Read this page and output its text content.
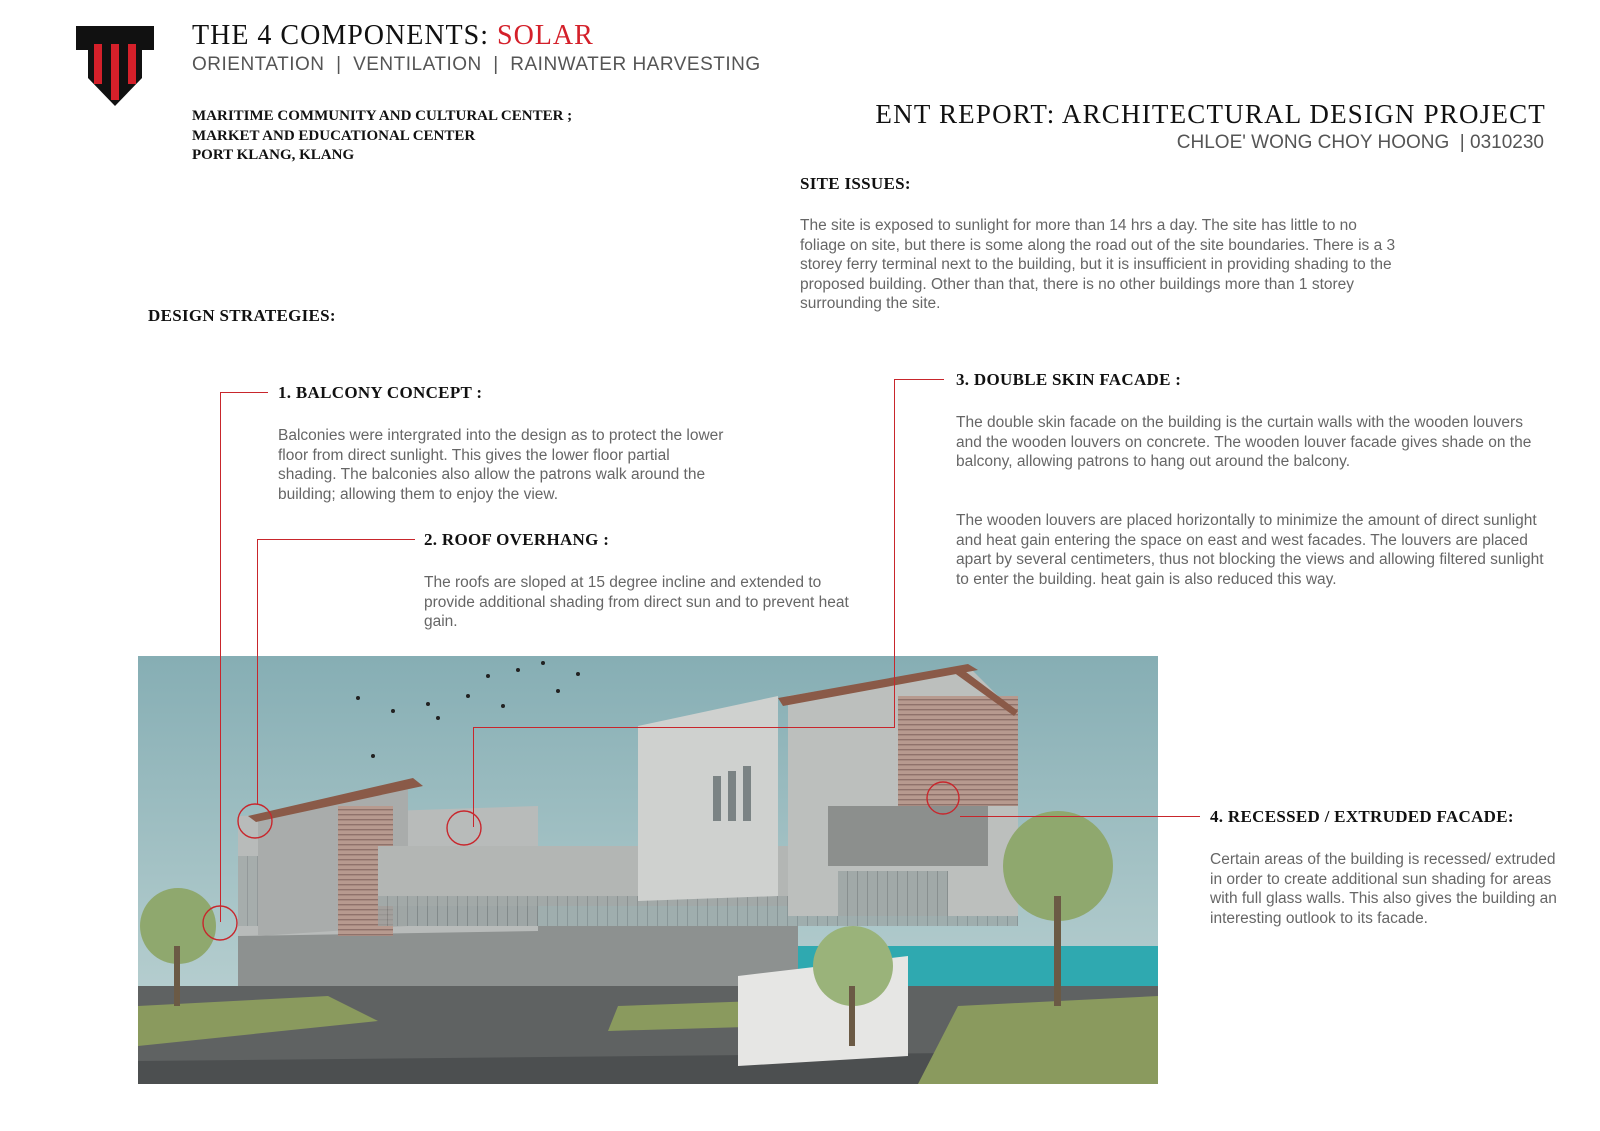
THE 4 COMPONENTS: SOLAR
ORIENTATION  |  VENTILATION  |  RAINWATER HARVESTING
MARITIME COMMUNITY AND CULTURAL CENTER ;
MARKET AND EDUCATIONAL CENTER
PORT KLANG, KLANG
ENT REPORT: ARCHITECTURAL DESIGN PROJECT
CHLOE' WONG CHOY HOONG  | 0310230
SITE ISSUES:
The site is exposed to sunlight for more than 14 hrs a day. The site has little to no foliage on site, but there is some along the road out of the site boundaries. There is a 3 storey ferry terminal next to the building, but it is insufficient in providing shading to the proposed building. Other than that, there is no other buildings more than 1 storey surrounding the site.
DESIGN STRATEGIES:
1. BALCONY CONCEPT :
Balconies were intergrated into the design as to protect the lower floor from direct sunlight. This gives the lower floor partial shading. The balconies also allow the patrons walk around the building; allowing them to enjoy the view.
2. ROOF OVERHANG :
The roofs are sloped at 15 degree incline and extended to provide additional shading from direct sun and to prevent heat gain.
3. DOUBLE SKIN FACADE :
The double skin facade on the building is the curtain walls with the wooden louvers and the wooden louvers on concrete. The wooden louver facade gives shade on the balcony, allowing patrons to hang out around the balcony.
The wooden louvers are placed horizontally to minimize the amount of direct sunlight and heat gain entering the space on east and west facades. The louvers are placed apart by several centimeters, thus not blocking the views and allowing filtered sunlight to enter the building. heat gain is also reduced this way.
4. RECESSED / EXTRUDED FACADE:
Certain areas of the building is recessed/ extruded in order to create additional sun shading for areas with full glass walls. This also gives the building an interesting outlook to its facade.
